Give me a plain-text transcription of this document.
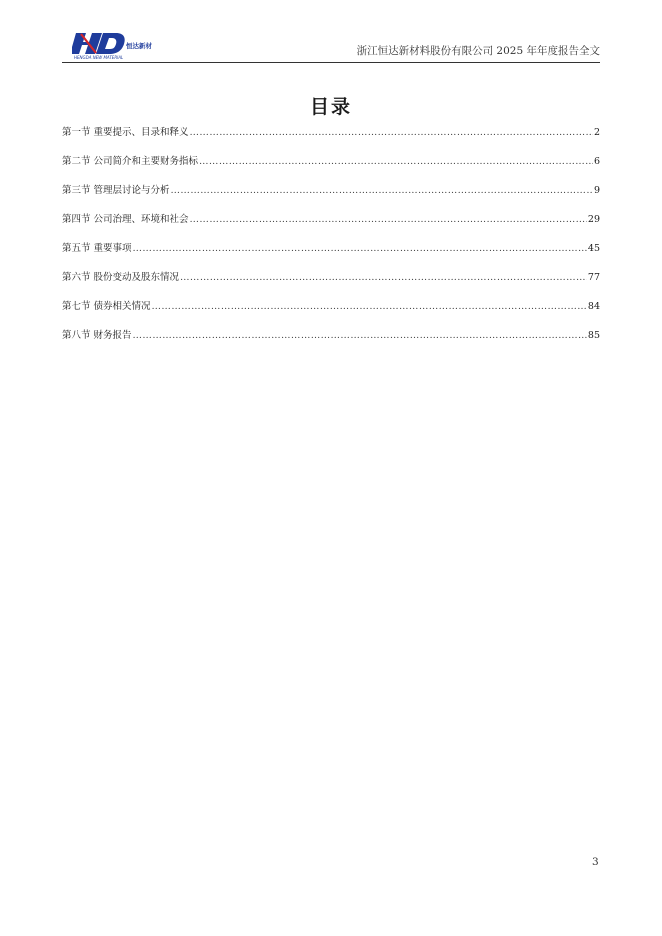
恒达新材
HENGDA NEW MATERIAL
浙江恒达新材料股份有限公司 2025 年年度报告全文
目录
第一节 重要提示、目录和释义 …………………………………………………………………………………………………………………………………………………………………………………………………………………………………………………………………………	2
第二节 公司简介和主要财务指标 …………………………………………………………………………………………………………………………………………………………………………………………………………………………………………………………………………	6
第三节 管理层讨论与分析 …………………………………………………………………………………………………………………………………………………………………………………………………………………………………………………………………………	9
第四节 公司治理、环境和社会 …………………………………………………………………………………………………………………………………………………………………………………………………………………………………………………………………………	29
第五节 重要事项 …………………………………………………………………………………………………………………………………………………………………………………………………………………………………………………………………………	45
第六节 股份变动及股东情况 …………………………………………………………………………………………………………………………………………………………………………………………………………………………………………………………………………	77
第七节 债券相关情况 …………………………………………………………………………………………………………………………………………………………………………………………………………………………………………………………………………	84
第八节 财务报告 …………………………………………………………………………………………………………………………………………………………………………………………………………………………………………………………………………	85
3
